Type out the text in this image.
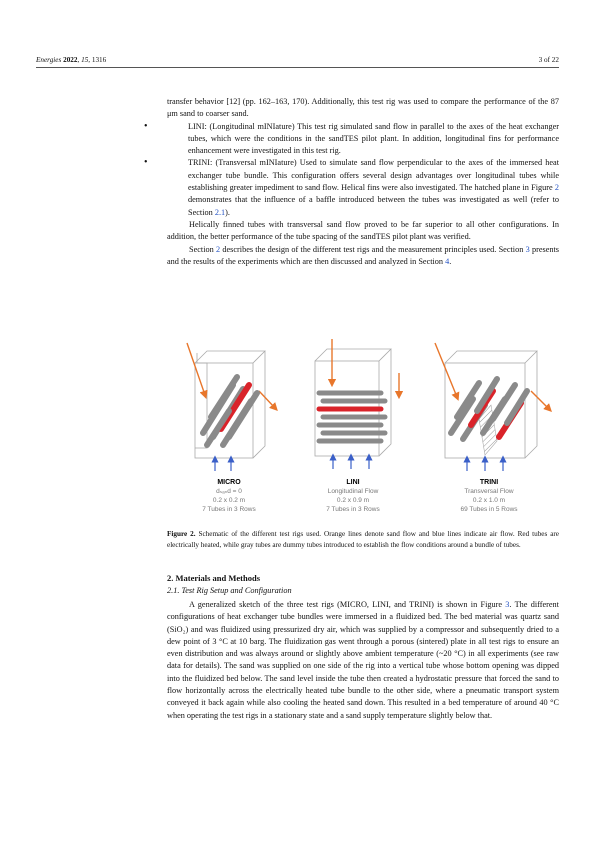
Energies 2022, 15, 1316	3 of 22

transfer behavior [12] (pp. 162–163, 170). Additionally, this test rig was used to compare the performance of the 87 μm sand to coarser sand.

•	LINI: (Longitudinal mINIature) This test rig simulated sand flow in parallel to the axes of the heat exchanger tubes, which were the conditions in the sandTES pilot plant. In addition, longitudinal fins for performance enhancement were investigated in this test rig.

•	TRINI: (Transversal mINIature) Used to simulate sand flow perpendicular to the axes of the immersed heat exchanger tube bundle. This configuration offers several design advantages over longitudinal tubes while establishing greater impediment to sand flow. Helical fins were also investigated. The hatched plane in Figure 2 demonstrates that the influence of a baffle introduced between the tubes was investigated as well (refer to Section 2.1).

Helically finned tubes with transversal sand flow proved to be far superior to all other configurations. In addition, the better performance of the tube spacing of the sandTES pilot plant was verified.

Section 2 describes the design of the different test rigs and the measurement principles used. Section 3 presents and the results of the experiments which are then discussed and analyzed in Section 4.

MICRO
dₛₐₙd = 0
0.2 x 0.2 m
7 Tubes in 3 Rows
LINI
Longitudinal Flow
0.2 x 0.9 m
7 Tubes in 3 Rows
TRINI
Transversal Flow
0.2 x 1.0 m
69 Tubes in 5 Rows
Figure 2. Schematic of the different test rigs used. Orange lines denote sand flow and blue lines indicate air flow. Red tubes are electrically heated, while gray tubes are dummy tubes introduced to establish the flow conditions around a bundle of tubes.
2. Materials and Methods
2.1. Test Rig Setup and Configuration

A generalized sketch of the three test rigs (MICRO, LINI, and TRINI) is shown in Figure 3. The different configurations of heat exchanger tube bundles were immersed in a fluidized bed. The bed material was quartz sand (SiO₂) and was fluidized using pressurized dry air, which was supplied by a compressor and subsequently dried to a dew point of 3 °C at 10 barg. The fluidization gas went through a porous (sintered) plate in all test rigs to ensure an even distribution and was always around or slightly above ambient temperature (~20 °C) in all experiments (see raw data for details). The sand was supplied on one side of the rig into a vertical tube whose bottom opening was dipped into the fluidized bed below. The sand level inside the tube then created a hydrostatic pressure that forced the sand to flow horizontally across the electrically heated tube bundle to the other side, where a pneumatic transport system conveyed it back again while also cooling the heated sand down. This resulted in a bed temperature of around 40 °C when operating the test rigs in a stationary state and a sand supply temperature slightly below that.
